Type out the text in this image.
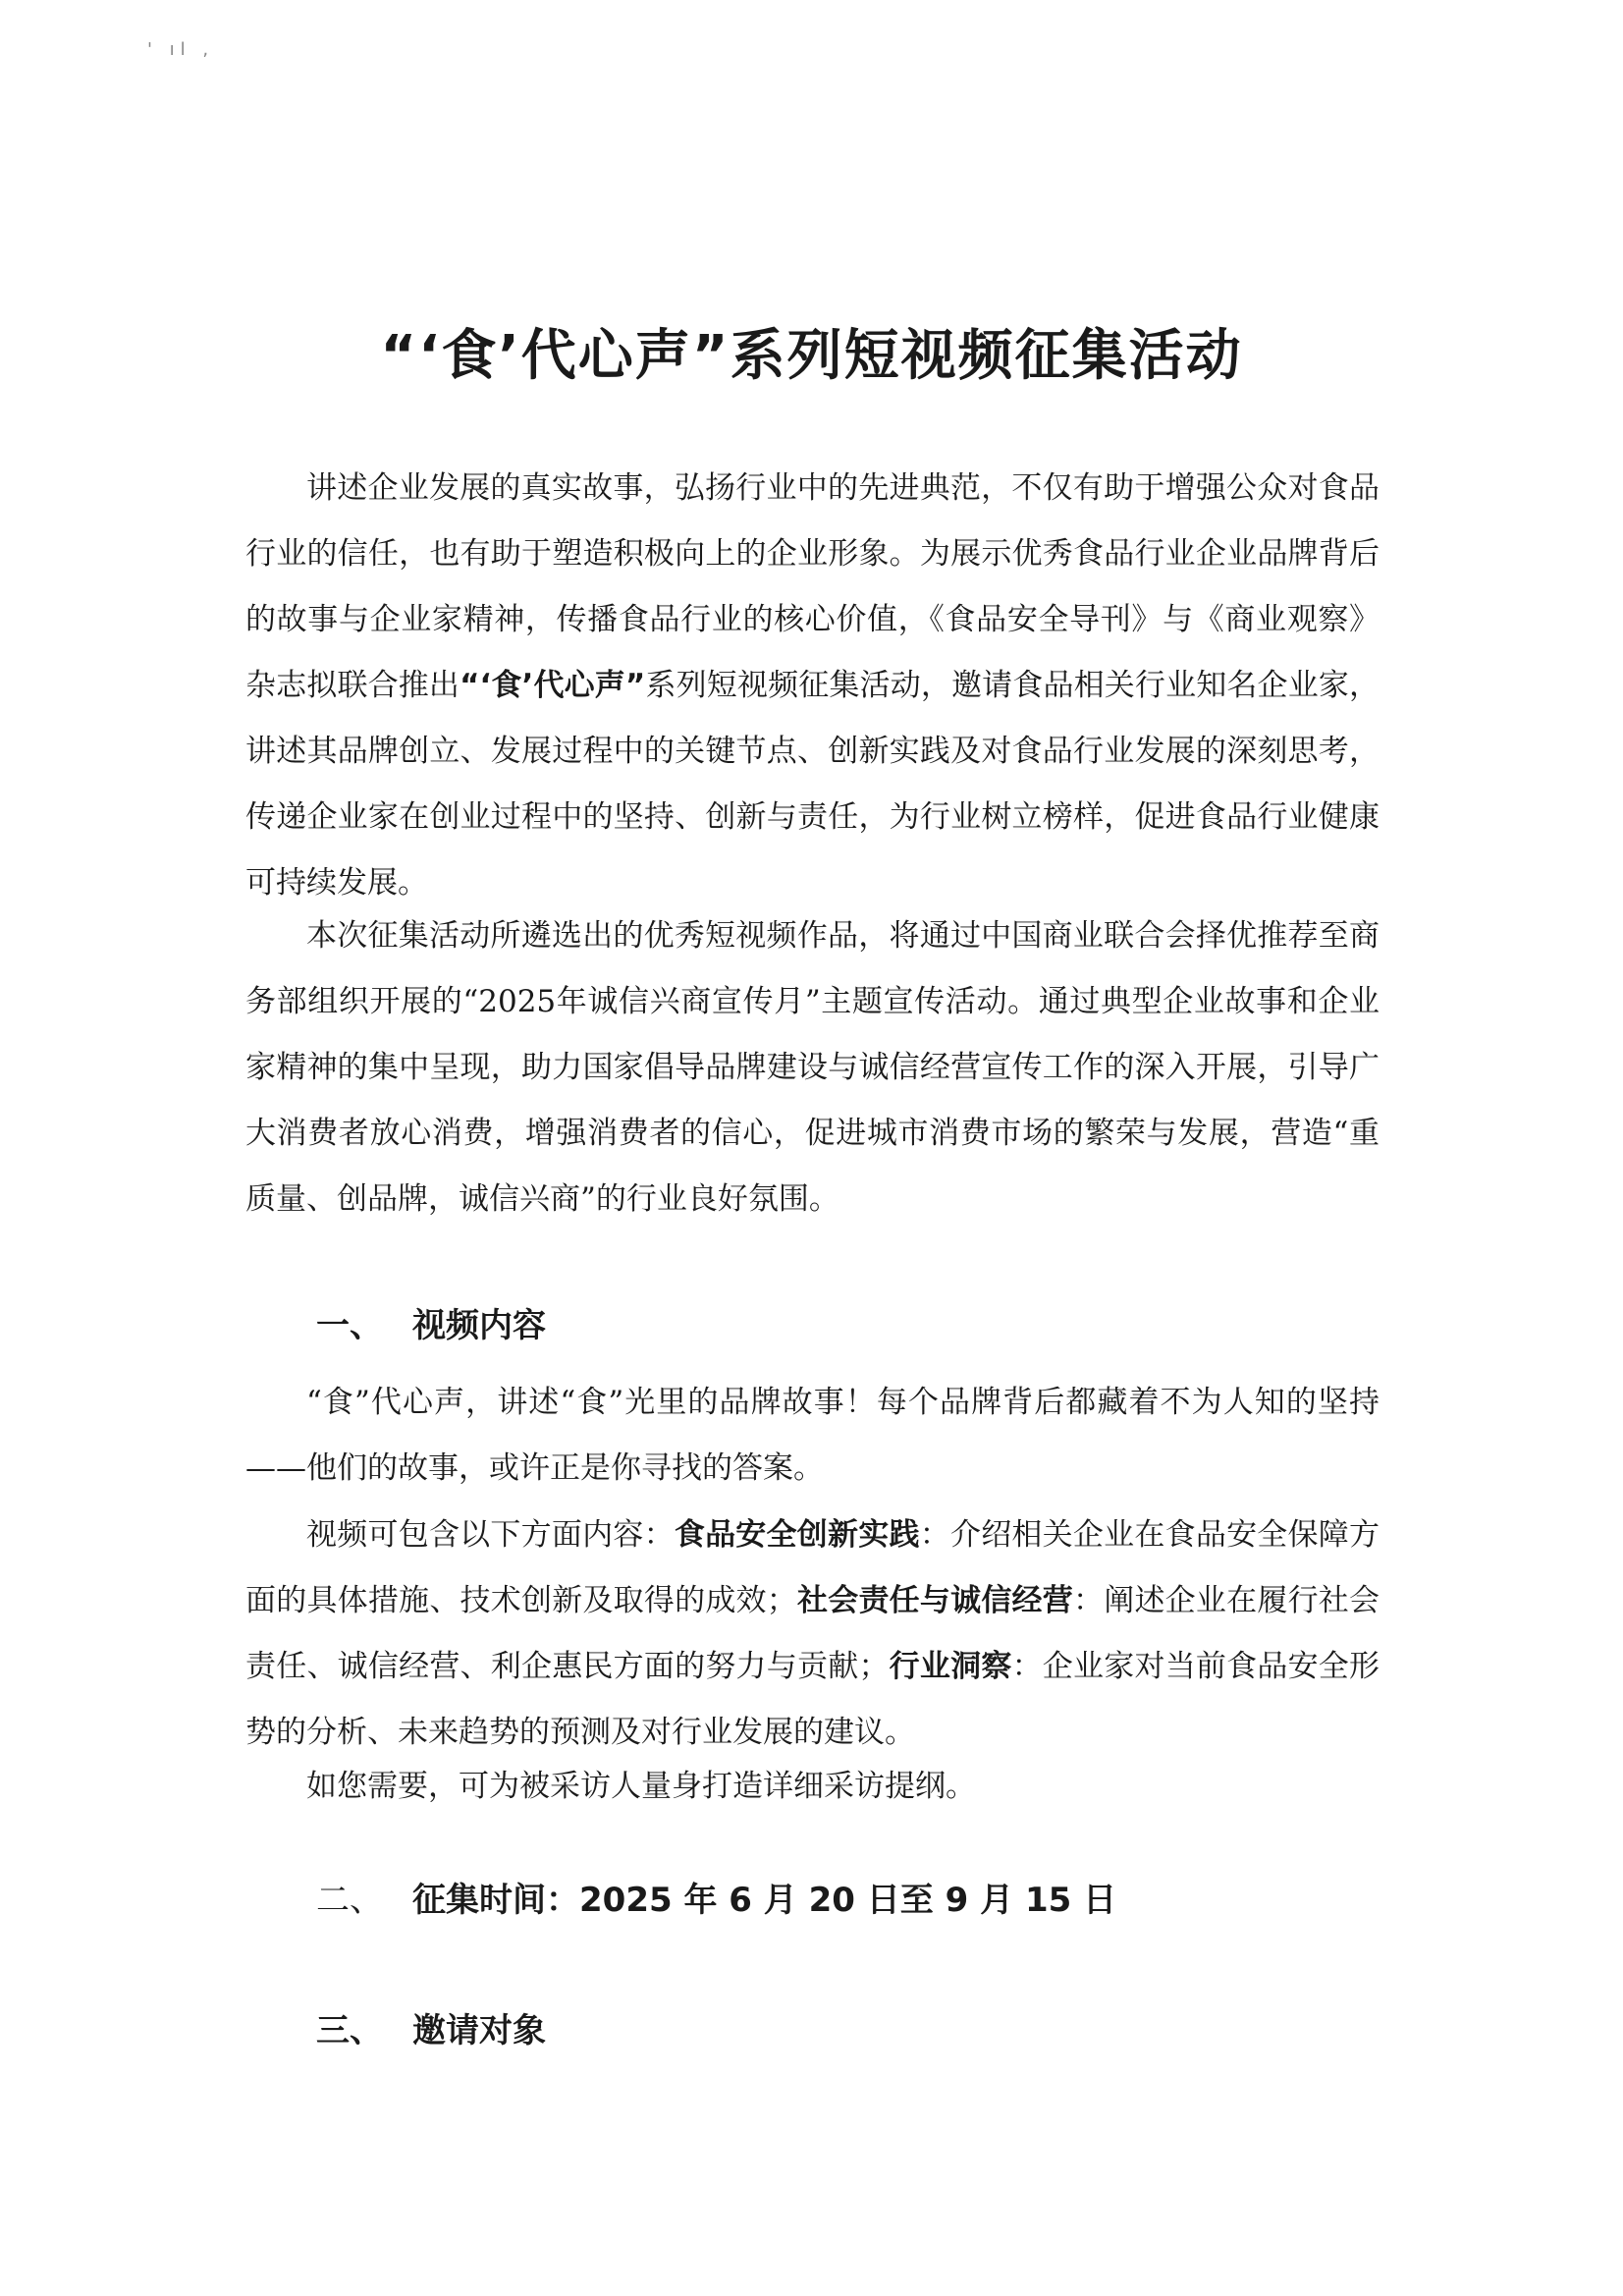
' ıl ,
“‘食’代心声”系列短视频征集活动

讲述企业发展的真实故事，弘扬行业中的先进典范，不仅有助于增强公众对食品行业的信任，也有助于塑造积极向上的企业形象。为展示优秀食品行业企业品牌背后的故事与企业家精神，传播食品行业的核心价值，《食品安全导刊》与《商业观察》杂志拟联合推出“‘食’代心声”系列短视频征集活动，邀请食品相关行业知名企业家，讲述其品牌创立、发展过程中的关键节点、创新实践及对食品行业发展的深刻思考，传递企业家在创业过程中的坚持、创新与责任，为行业树立榜样，促进食品行业健康可持续发展。

本次征集活动所遴选出的优秀短视频作品，将通过中国商业联合会择优推荐至商务部组织开展的“2025年诚信兴商宣传月”主题宣传活动。通过典型企业故事和企业家精神的集中呈现，助力国家倡导品牌建设与诚信经营宣传工作的深入开展，引导广大消费者放心消费，增强消费者的信心，促进城市消费市场的繁荣与发展，营造“重质量、创品牌，诚信兴商”的行业良好氛围。

一、 视频内容

“食”代心声，讲述“食”光里的品牌故事！每个品牌背后都藏着不为人知的坚持——他们的故事，或许正是你寻找的答案。

视频可包含以下方面内容：食品安全创新实践：介绍相关企业在食品安全保障方面的具体措施、技术创新及取得的成效；社会责任与诚信经营：阐述企业在履行社会责任、诚信经营、利企惠民方面的努力与贡献；行业洞察：企业家对当前食品安全形势的分析、未来趋势的预测及对行业发展的建议。

如您需要，可为被采访人量身打造详细采访提纲。

二、 征集时间：2025 年 6 月 20 日至 9 月 15 日
三、 邀请对象
